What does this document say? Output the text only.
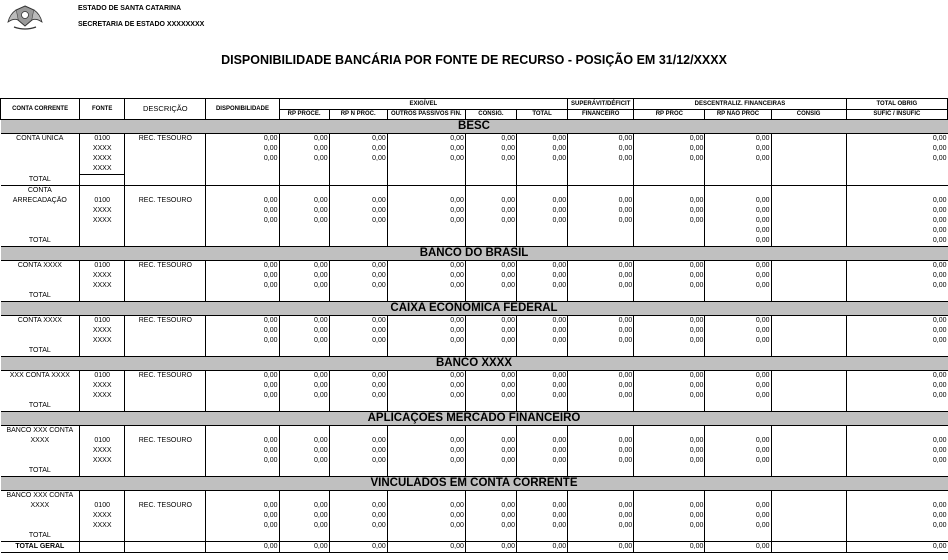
ESTADO DE SANTA CATARINA
SECRETARIA DE ESTADO XXXXXXXX
DISPONIBILIDADE BANCÁRIA POR FONTE DE RECURSO - POSIÇÃO EM 31/12/XXXX
CONTA CORRENTE	FONTE	DESCRIÇÃO	DISPONIBILIDADE	EXIGÍVEL					SUPERÁVIT/DÉFICIT	DESCENTRALIZ. FINANCEIRAS			TOTAL OBRIG
				RP PROCE.	RP Ñ PROC.	OUTROS PASSIVOS FIN.	CONSIG.	TOTAL	FINANCEIRO	RP PROC	RP NÃO PROC	CONSIG	SUFIC / INSUFIC
BESC													
CONTA ÚNICA	0100	REC. TESOURO	0,00	0,00	0,00	0,00	0,00	0,00	0,00	0,00	0,00		0,00
	XXXX		0,00	0,00	0,00	0,00	0,00	0,00	0,00	0,00	0,00		0,00
	XXXX		0,00	0,00	0,00	0,00	0,00	0,00	0,00	0,00	0,00		0,00
	XXXX												
TOTAL													
CONTA													
ARRECADAÇÃO	0100	REC. TESOURO	0,00	0,00	0,00	0,00	0,00	0,00	0,00	0,00	0,00		0,00
	XXXX		0,00	0,00	0,00	0,00	0,00	0,00	0,00	0,00	0,00		0,00
	XXXX		0,00	0,00	0,00	0,00	0,00	0,00	0,00	0,00	0,00		0,00
											0,00		0,00
TOTAL											0,00		0,00
BANCO DO BRASIL													
CONTA XXXX	0100	REC. TESOURO	0,00	0,00	0,00	0,00	0,00	0,00	0,00	0,00	0,00		0,00
	XXXX		0,00	0,00	0,00	0,00	0,00	0,00	0,00	0,00	0,00		0,00
	XXXX		0,00	0,00	0,00	0,00	0,00	0,00	0,00	0,00	0,00		0,00
TOTAL													
CAIXA ECONÔMICA FEDERAL													
CONTA XXXX	0100	REC. TESOURO	0,00	0,00	0,00	0,00	0,00	0,00	0,00	0,00	0,00		0,00
	XXXX		0,00	0,00	0,00	0,00	0,00	0,00	0,00	0,00	0,00		0,00
	XXXX		0,00	0,00	0,00	0,00	0,00	0,00	0,00	0,00	0,00		0,00
TOTAL													
BANCO XXXX													
XXX CONTA XXXX	0100	REC. TESOURO	0,00	0,00	0,00	0,00	0,00	0,00	0,00	0,00	0,00		0,00
	XXXX		0,00	0,00	0,00	0,00	0,00	0,00	0,00	0,00	0,00		0,00
	XXXX		0,00	0,00	0,00	0,00	0,00	0,00	0,00	0,00	0,00		0,00
TOTAL													
APLICAÇÕES MERCADO FINANCEIRO													
BANCO XXX CONTA													
XXXX	0100	REC. TESOURO	0,00	0,00	0,00	0,00	0,00	0,00	0,00	0,00	0,00		0,00
	XXXX		0,00	0,00	0,00	0,00	0,00	0,00	0,00	0,00	0,00		0,00
	XXXX		0,00	0,00	0,00	0,00	0,00	0,00	0,00	0,00	0,00		0,00
TOTAL													
VINCULADOS EM CONTA CORRENTE													
BANCO XXX CONTA													
XXXX	0100	REC. TESOURO	0,00	0,00	0,00	0,00	0,00	0,00	0,00	0,00	0,00		0,00
	XXXX		0,00	0,00	0,00	0,00	0,00	0,00	0,00	0,00	0,00		0,00
	XXXX		0,00	0,00	0,00	0,00	0,00	0,00	0,00	0,00	0,00		0,00
TOTAL													
TOTAL GERAL			0,00	0,00	0,00	0,00	0,00	0,00	0,00	0,00	0,00		0,00
